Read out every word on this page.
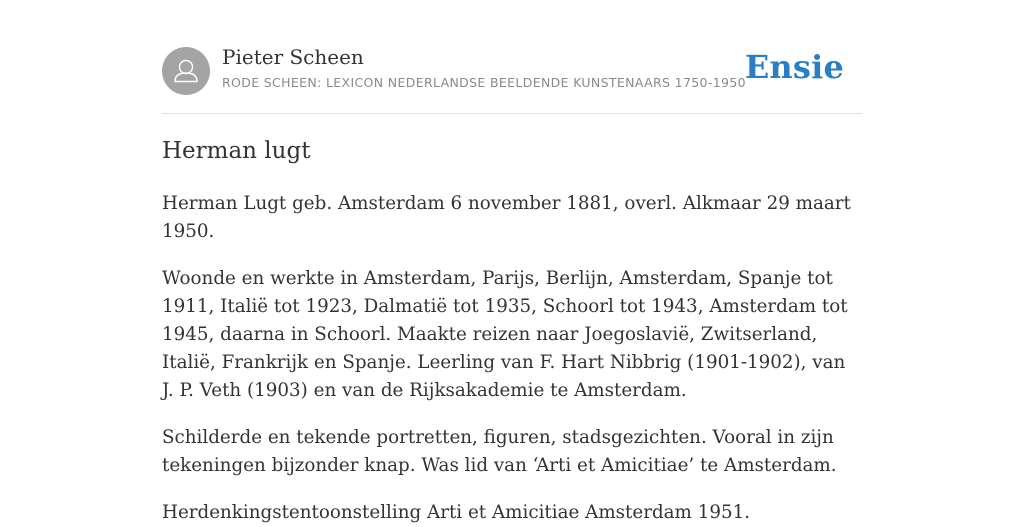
Pieter Scheen
RODE SCHEEN: LEXICON NEDERLANDSE BEELDENDE KUNSTENAARS 1750-1950
Ensie
Herman lugt

Herman Lugt geb. Amsterdam 6 november 1881, overl. Alkmaar 29 maart 1950.

Woonde en werkte in Amsterdam, Parijs, Berlijn, Amsterdam, Spanje tot 1911, Italië tot 1923, Dalmatië tot 1935, Schoorl tot 1943, Amsterdam tot 1945, daarna in Schoorl. Maakte reizen naar Joegoslavië, Zwitserland, Italië, Frankrijk en Spanje. Leerling van F. Hart Nibbrig (1901-1902), van J. P. Veth (1903) en van de Rijksakademie te Amsterdam.

Schilderde en tekende portretten, figuren, stadsgezichten. Vooral in zijn tekeningen bijzonder knap. Was lid van ‘Arti et Amicitiae’ te Amsterdam.

Herdenkingstentoonstelling Arti et Amicitiae Amsterdam 1951.
